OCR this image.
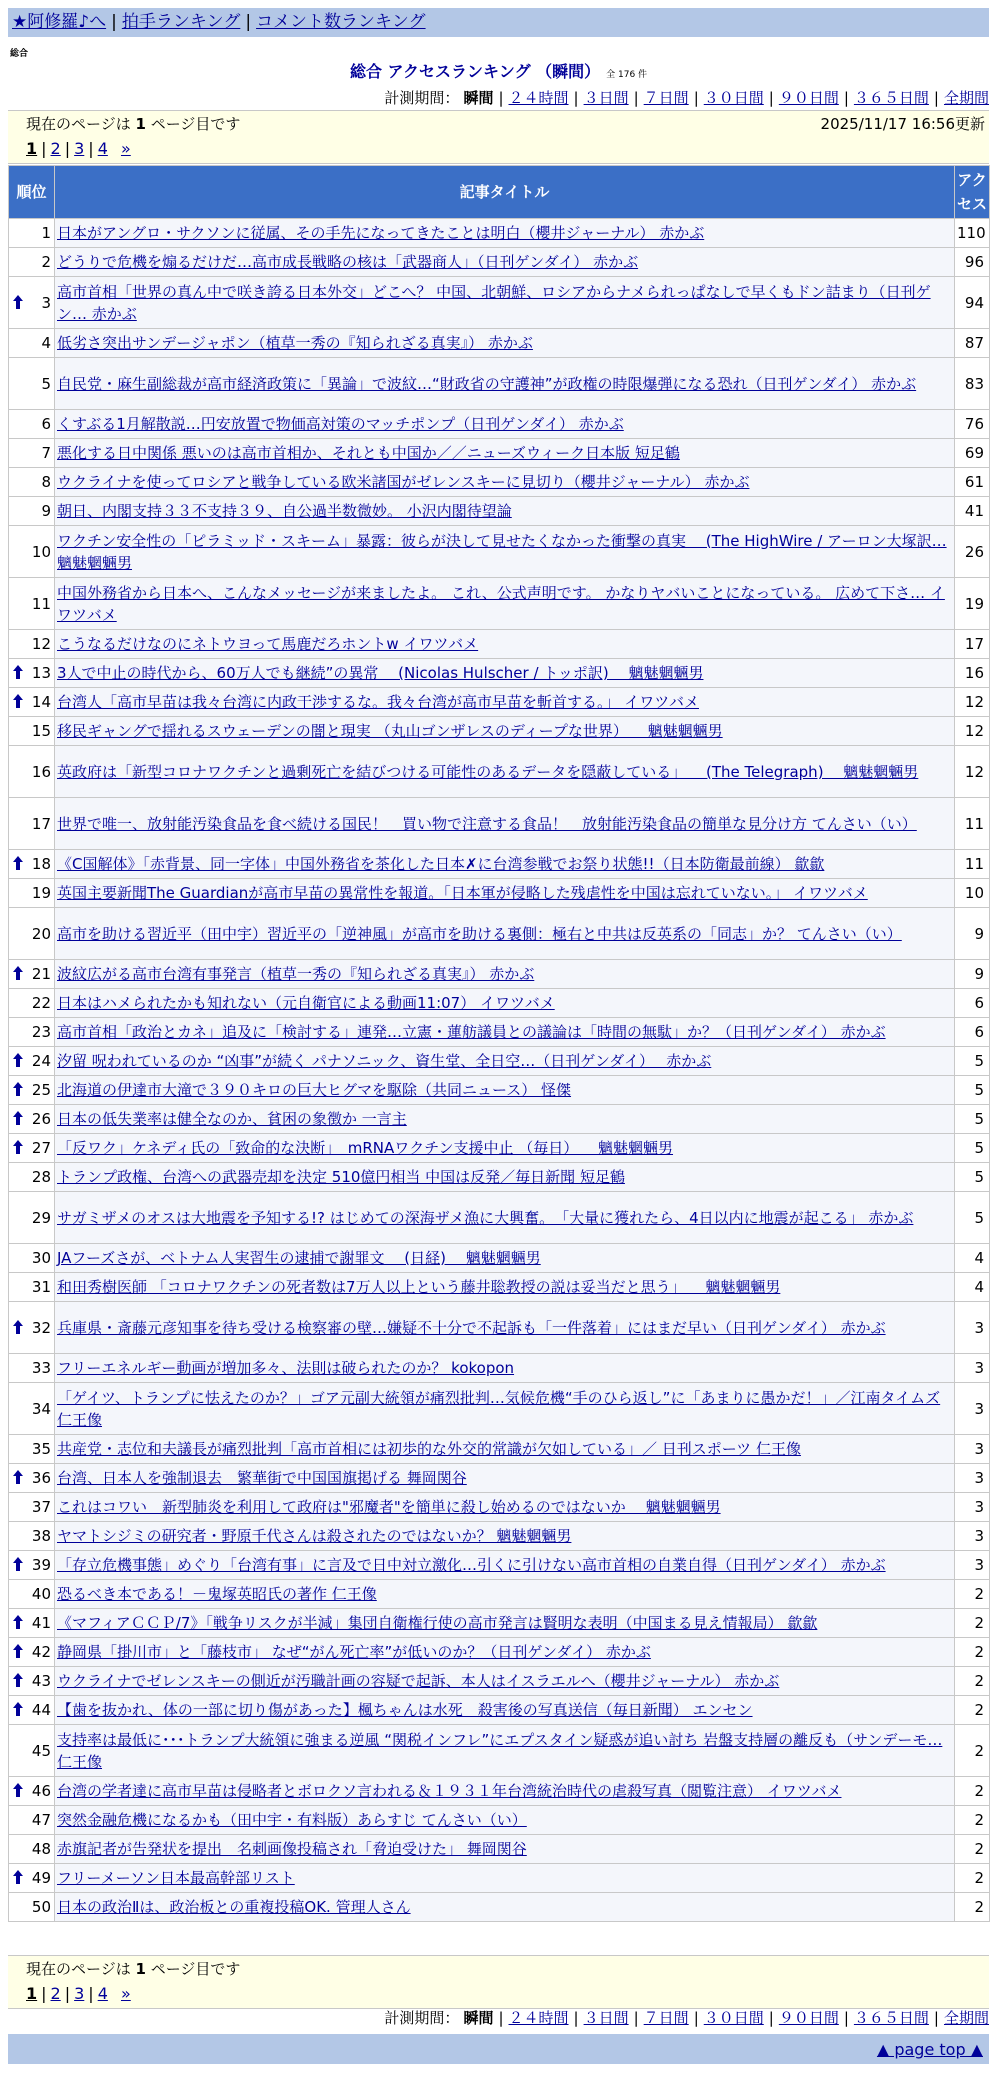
★阿修羅♪へ | 拍手ランキング | コメント数ランキング
総合
総合 アクセスランキング （瞬間） 全 176 件
計測期間： 瞬間 | ２４時間 | ３日間 | ７日間 | ３０日間 | ９０日間 | ３６５日間 | 全期間
現在のページは 1 ページ目です	2025/11/17 16:56更新
1 | 2 | 3 | 4 »
順位	記事タイトル	アクセス
1	日本がアングロ・サクソンに従属、その手先になってきたことは明白（櫻井ジャーナル） 赤かぶ	110
2	どうりで危機を煽るだけだ…高市成長戦略の核は「武器商人」（日刊ゲンダイ） 赤かぶ	96

3	高市首相「世界の真ん中で咲き誇る日本外交」どこへ？ 中国、北朝鮮、ロシアからナメられっぱなしで早くもドン詰まり（日刊ゲン… 赤かぶ	94
4	低劣さ突出サンデージャポン（植草一秀の『知られざる真実』） 赤かぶ	87
5	自民党・麻生副総裁が高市経済政策に「異論」で波紋…“財政省の守護神”が政権の時限爆弾になる恐れ（日刊ゲンダイ） 赤かぶ	83
6	くすぶる1月解散説…円安放置で物価高対策のマッチポンプ（日刊ゲンダイ） 赤かぶ	76
7	悪化する日中関係 悪いのは高市首相か、それとも中国か／／ニューズウィーク日本版 短足鶴	69
8	ウクライナを使ってロシアと戦争している欧米諸国がゼレンスキーに見切り（櫻井ジャーナル） 赤かぶ	61
9	朝日、内閣支持３３不支持３９、自公過半数微妙。 小沢内閣待望論	41
10	ワクチン安全性の「ピラミッド・スキーム」暴露：彼らが決して見せたくなかった衝撃の真実 　(The HighWire / アーロン大塚訳… 魑魅魍魎男	26
11	中国外務省から日本へ、こんなメッセージが来ましたよ。 これ、公式声明です。 かなりヤバいことになっている。 広めて下さ… イワツバメ	19
12	こうなるだけなのにネトウヨって馬鹿だろホントw イワツバメ	17

13	3人で中止の時代から、60万人でも継続”の異常 　(Nicolas Hulscher / トッポ訳) 　魑魅魍魎男	16

14	台湾人「高市早苗は我々台湾に内政干渉するな。我々台湾が高市早苗を斬首する。」 イワツバメ	12
15	移民ギャングで揺れるスウェーデンの闇と現実 （丸山ゴンザレスのディープな世界） 　魑魅魍魎男	12
16	英政府は「新型コロナワクチンと過剰死亡を結びつける可能性のあるデータを隠蔽している」 　(The Telegraph) 　魑魅魍魎男	12
17	世界で唯一、放射能汚染食品を食べ続ける国民！　買い物で注意する食品！　放射能汚染食品の簡単な見分け方 てんさい（い）	11

18	《C国解体》「赤背景、同一字体」中国外務省を茶化した日本✗に台湾参戦でお祭り状態!!（日本防衛最前線） 歙歙	11
19	英国主要新聞The Guardianが高市早苗の異常性を報道。「日本軍が侵略した残虐性を中国は忘れていない。」 イワツバメ	10
20	高市を助ける習近平（田中宇）習近平の「逆神風」が高市を助ける裏側：極右と中共は反英系の「同志」か？ てんさい（い）	9

21	波紋広がる高市台湾有事発言（植草一秀の『知られざる真実』） 赤かぶ	9
22	日本はハメられたかも知れない（元自衛官による動画11:07） イワツバメ	6
23	高市首相「政治とカネ」追及に「検討する」連発…立憲・蓮舫議員との議論は「時間の無駄」か？（日刊ゲンダイ） 赤かぶ	6

24	汐留 呪われているのか “凶事”が続く パナソニック、資生堂、全日空…（日刊ゲンダイ）　 赤かぶ	5

25	北海道の伊達市大滝で３９０キロの巨大ヒグマを駆除（共同ニュース） 怪傑	5

26	日本の低失業率は健全なのか、貧困の象徴か 一言主	5

27	「反ワク」ケネディ氏の「致命的な決断」　mRNAワクチン支援中止 （毎日） 　魑魅魍魎男	5
28	トランプ政権、台湾への武器売却を決定 510億円相当 中国は反発／毎日新聞 短足鶴	5
29	サガミザメのオスは大地震を予知する!? はじめての深海ザメ漁に大興奮。　「大量に獲れたら、4日以内に地震が起こる」 赤かぶ	5
30	JAフーズさが、ベトナム人実習生の逮捕で謝罪文 　(日経) 　魑魅魍魎男	4
31	和田秀樹医師 「コロナワクチンの死者数は7万人以上という藤井聡教授の説は妥当だと思う」 　魑魅魍魎男	4

32	兵庫県・斎藤元彦知事を待ち受ける検察審の壁…嫌疑不十分で不起訴も「一件落着」にはまだ早い（日刊ゲンダイ） 赤かぶ	3
33	フリーエネルギー動画が増加多々、法則は破られたのか？ kokopon	3
34	「ゲイツ、トランプに怯えたのか？」ゴア元副大統領が痛烈批判…気候危機“手のひら返し”に「あまりに愚かだ！」／江南タイムズ 仁王像	3
35	共産党・志位和夫議長が痛烈批判「高市首相には初歩的な外交的常識が欠如している」／ 日刊スポーツ 仁王像	3

36	台湾、日本人を強制退去　繁華街で中国国旗掲げる 舞岡関谷	3
37	これはコワい　新型肺炎を利用して政府は"邪魔者"を簡単に殺し始めるのではないか 　魑魅魍魎男	3
38	ヤマトシジミの研究者・野原千代さんは殺されたのではないか？ 魑魅魍魎男	3

39	「存立危機事態」めぐり「台湾有事」に言及で日中対立激化…引くに引けない高市首相の自業自得（日刊ゲンダイ） 赤かぶ	3
40	恐るべき本である！－鬼塚英昭氏の著作 仁王像	2

41	《マフィアＣＣＰ/7》「戦争リスクが半減」集団自衛権行使の高市発言は賢明な表明（中国まる見え情報局） 歙歙	2

42	静岡県「掛川市」と「藤枝市」 なぜ“がん死亡率”が低いのか？（日刊ゲンダイ） 赤かぶ	2

43	ウクライナでゼレンスキーの側近が汚職計画の容疑で起訴、本人はイスラエルへ（櫻井ジャーナル） 赤かぶ	2

44	【歯を抜かれ、体の一部に切り傷があった】楓ちゃんは水死　殺害後の写真送信（毎日新聞） エンセン	2
45	支持率は最低に･･･トランプ大統領に強まる逆風 “関税インフレ”にエプスタイン疑惑が追い討ち 岩盤支持層の離反も（サンデーモ… 仁王像	2

46	台湾の学者達に高市早苗は侵略者とボロクソ言われる＆１９３１年台湾統治時代の虐殺写真（閲覧注意） イワツバメ	2
47	突然金融危機になるかも（田中宇・有料版）あらすじ てんさい（い）	2
48	赤旗記者が告発状を提出　名刺画像投稿され「脅迫受けた」 舞岡関谷	2

49	フリーメーソン日本最高幹部リスト	2
50	日本の政治Ⅱは、政治板との重複投稿OK. 管理人さん	2
現在のページは 1 ページ目です
1 | 2 | 3 | 4 »
計測期間： 瞬間 | ２４時間 | ３日間 | ７日間 | ３０日間 | ９０日間 | ３６５日間 | 全期間
▲ page top ▲
